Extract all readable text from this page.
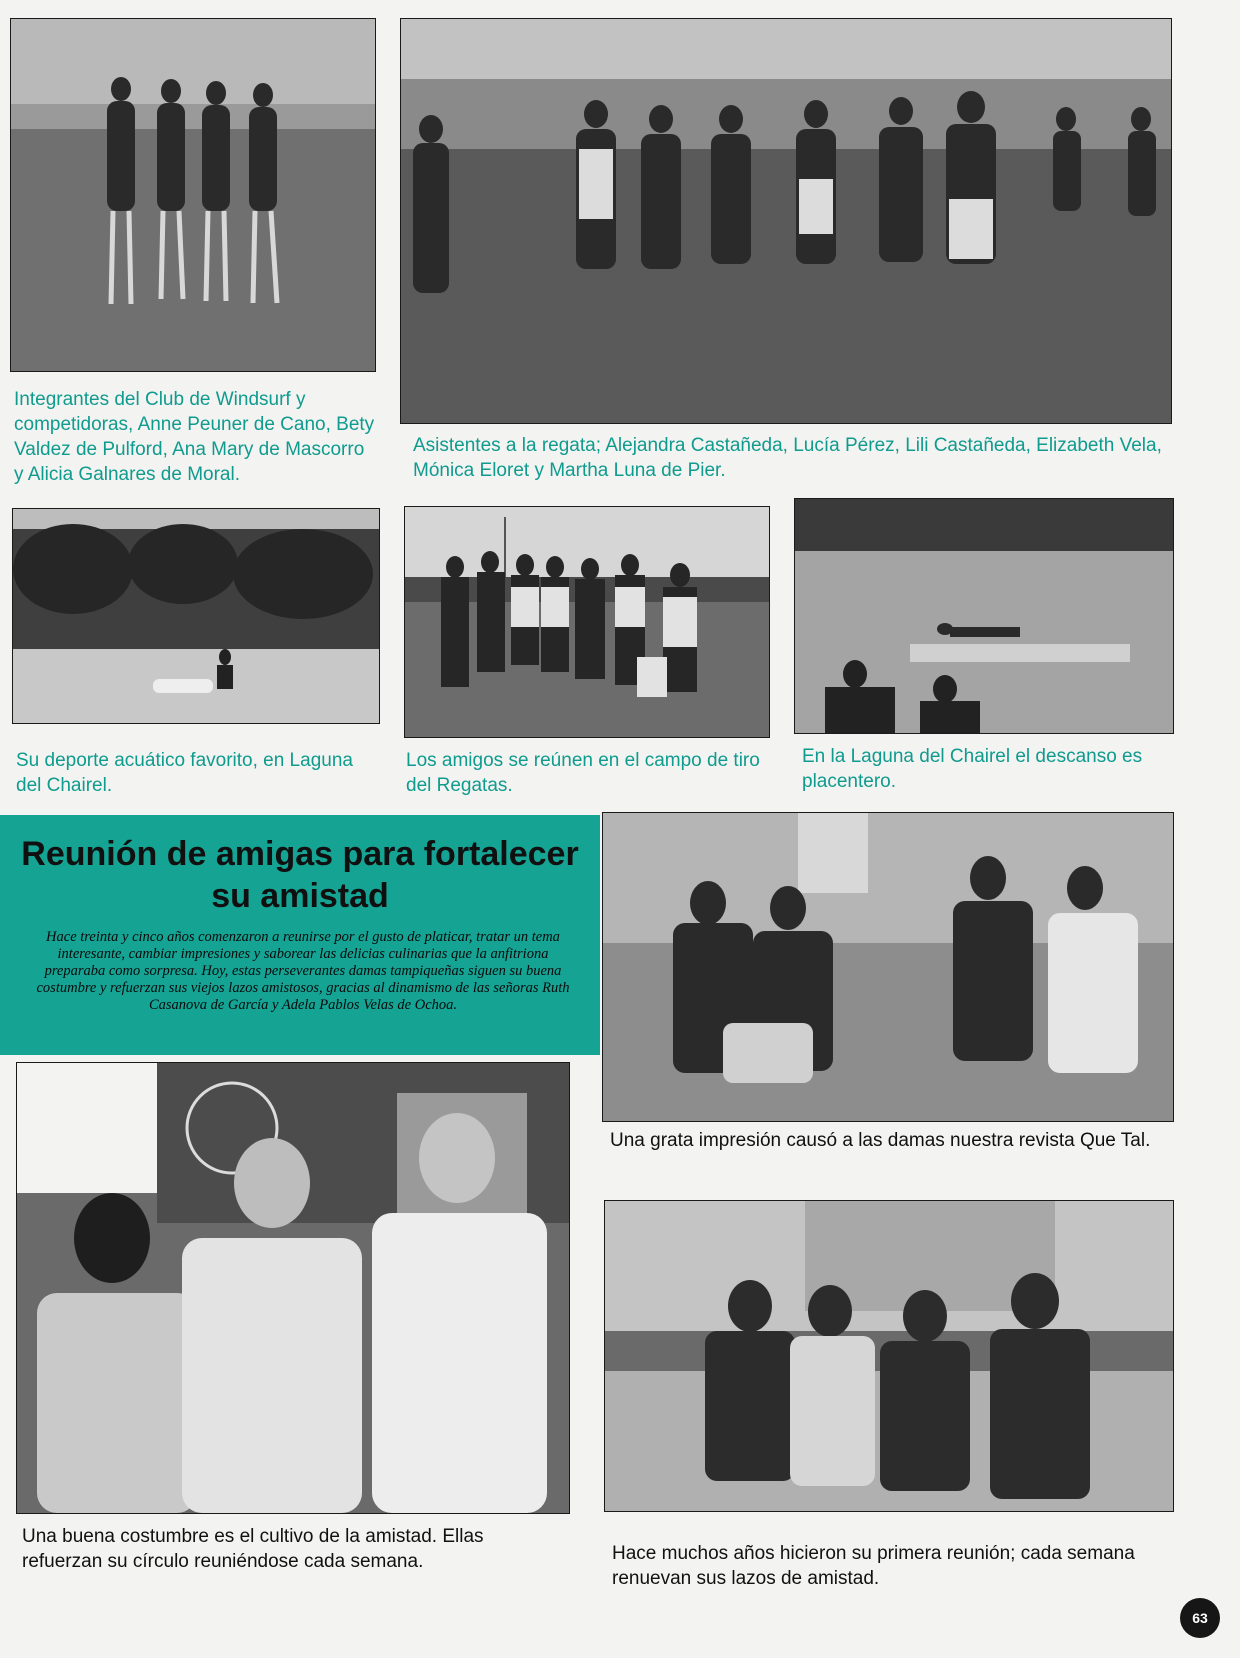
Integrantes del Club de Windsurf y competidoras, Anne Peuner de Cano, Bety Valdez de Pulford, Ana Mary de Mascorro y Alicia Galnares de Moral.

Asistentes a la regata; Alejandra Castañeda, Lucía Pérez, Lili Castañeda, Elizabeth Vela, Mónica Eloret y Martha Luna de Pier.

Su deporte acuático favorito, en Laguna del Chairel.

Los amigos se reúnen en el campo de tiro del Regatas.

En la Laguna del Chairel el descanso es placentero.

Reunión de amigas para fortalecer su amistad

Hace treinta y cinco años comenzaron a reunirse por el gusto de platicar, tratar un tema interesante, cambiar impresiones y saborear las delicias culinarias que la anfitriona preparaba como sorpresa. Hoy, estas perseverantes damas tampiqueñas siguen su buena costumbre y refuerzan sus viejos lazos amistosos, gracias al dinamismo de las señoras Ruth Casanova de García y Adela Pablos Velas de Ochoa.

Una grata impresión causó a las damas nuestra revista Que Tal.

Una buena costumbre es el cultivo de la amistad. Ellas refuerzan su círculo reuniéndose cada semana.	Hace muchos años hicieron su primera reunión; cada semana renuevan sus lazos de amistad.

63
